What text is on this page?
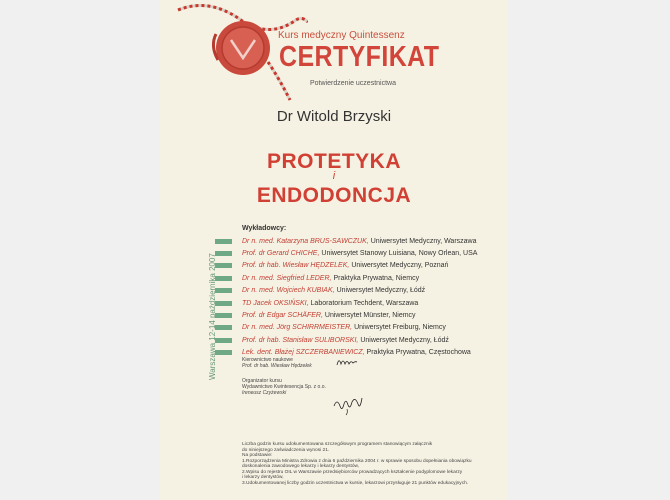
Kurs medyczny Quintessenz
CERTYFIKAT
Potwierdzenie uczestnictwa
Dr Witold Brzyski
PROTETYKA
i
ENDODONCJA
Wykładowcy:
Dr n. med. Katarzyna BRUS-SAWCZUK, Uniwersytet Medyczny, Warszawa
Prof. dr Gerard CHICHE, Uniwersytet Stanowy Luisiana, Nowy Orlean, USA
Prof. dr hab. Wiesław HĘDZELEK, Uniwersytet Medyczny, Poznań
Dr n. med. Siegfried LEDER, Praktyka Prywatna, Niemcy
Dr n. med. Wojciech KUBIAK, Uniwersytet Medyczny, Łódź
TD Jacek OKSIŃSKI, Laboratorium Techdent, Warszawa
Prof. dr Edgar SCHÄFER, Uniwersytet Münster, Niemcy
Dr n. med. Jörg SCHIRRMEISTER, Uniwersytet Freiburg, Niemcy
Prof. dr hab. Stanisław SULIBORSKI, Uniwersytet Medyczny, Łódź
Lek. dent. Błażej SZCZERBANIEWICZ, Praktyka Prywatna, Częstochowa
Warszawa 12-14 października 2007	Kierownictwo naukowe
Prof. dr hab. Wiesław Hędzelek
Organizator kursu
Wydawnictwo Kwintesencja Sp. z o.o.
Ireneusz Czyżewski
Liczba godzin kursu udokumentowana szczegółowym programem stanowiącym załącznik
do niniejszego zaświadczenia wynosi 21.
Na podstawie:
1.Rozporządzenia Ministra Zdrowia z dnia 6 października 2004 r. w sprawie sposobu dopełniania obowiązku
doskonalenia zawodowego lekarzy i lekarzy dentystów,
2.Wpisu do rejestru OIL w Warszawie przedsiębiorców prowadzących kształcenie podyplomowe lekarzy
i lekarzy dentystów,
3.Udokumentowanej liczby godzin uczestnictwa w kursie, lekarzowi przysługuje 21 punktów edukacyjnych.
